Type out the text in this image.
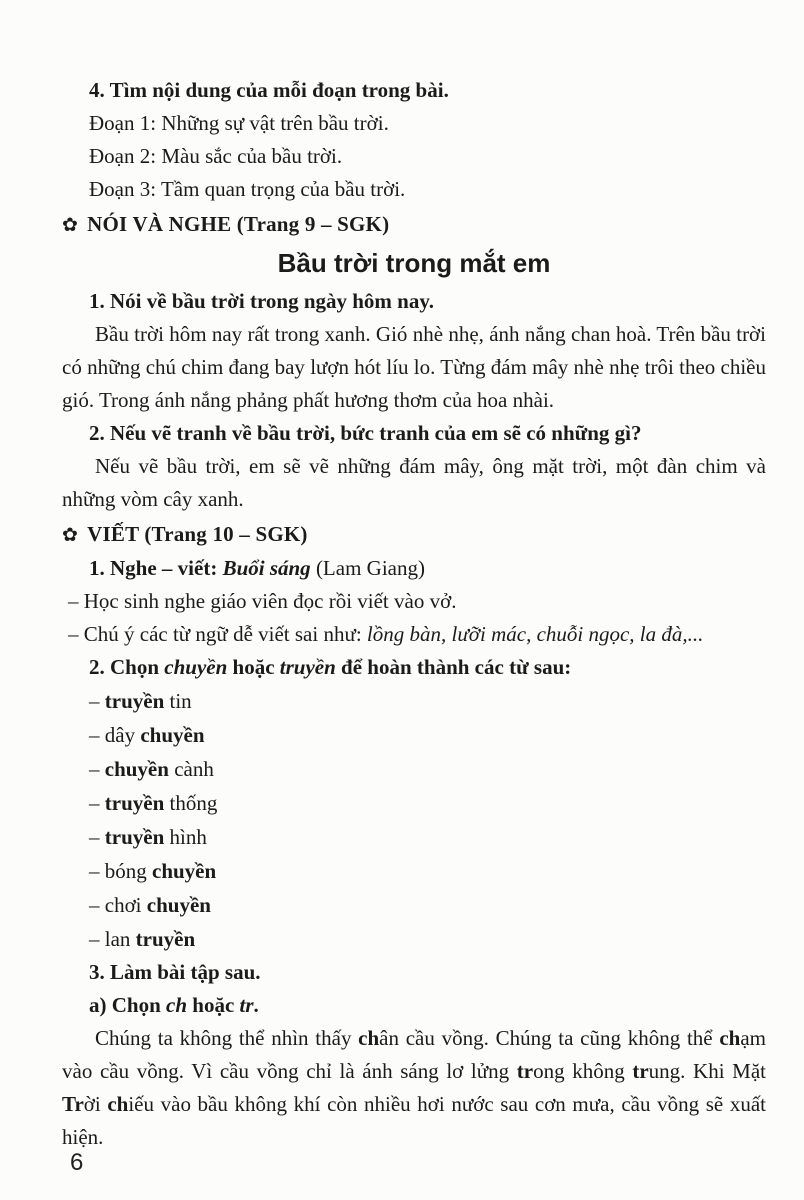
4. Tìm nội dung của mỗi đoạn trong bài.
Đoạn 1: Những sự vật trên bầu trời.
Đoạn 2: Màu sắc của bầu trời.
Đoạn 3: Tầm quan trọng của bầu trời.
✿ NÓI VÀ NGHE (Trang 9 – SGK)
Bầu trời trong mắt em
1. Nói về bầu trời trong ngày hôm nay.
Bầu trời hôm nay rất trong xanh. Gió nhè nhẹ, ánh nắng chan hoà. Trên bầu trời có những chú chim đang bay lượn hót líu lo. Từng đám mây nhè nhẹ trôi theo chiều gió. Trong ánh nắng phảng phất hương thơm của hoa nhài.
2. Nếu vẽ tranh về bầu trời, bức tranh của em sẽ có những gì?
Nếu vẽ bầu trời, em sẽ vẽ những đám mây, ông mặt trời, một đàn chim và những vòm cây xanh.
✿ VIẾT (Trang 10 – SGK)
1. Nghe – viết: Buổi sáng (Lam Giang)
– Học sinh nghe giáo viên đọc rồi viết vào vở.
– Chú ý các từ ngữ dễ viết sai như: lồng bàn, lưỡi mác, chuỗi ngọc, la đà,...
2. Chọn chuyền hoặc truyền để hoàn thành các từ sau:
– truyền tin
– dây chuyền
– chuyền cành
– truyền thống
– truyền hình
– bóng chuyền
– chơi chuyền
– lan truyền
3. Làm bài tập sau.
a) Chọn ch hoặc tr.
Chúng ta không thể nhìn thấy chân cầu vồng. Chúng ta cũng không thể chạm vào cầu vồng. Vì cầu vồng chỉ là ánh sáng lơ lửng trong không trung. Khi Mặt Trời chiếu vào bầu không khí còn nhiều hơi nước sau cơn mưa, cầu vồng sẽ xuất hiện.
6
